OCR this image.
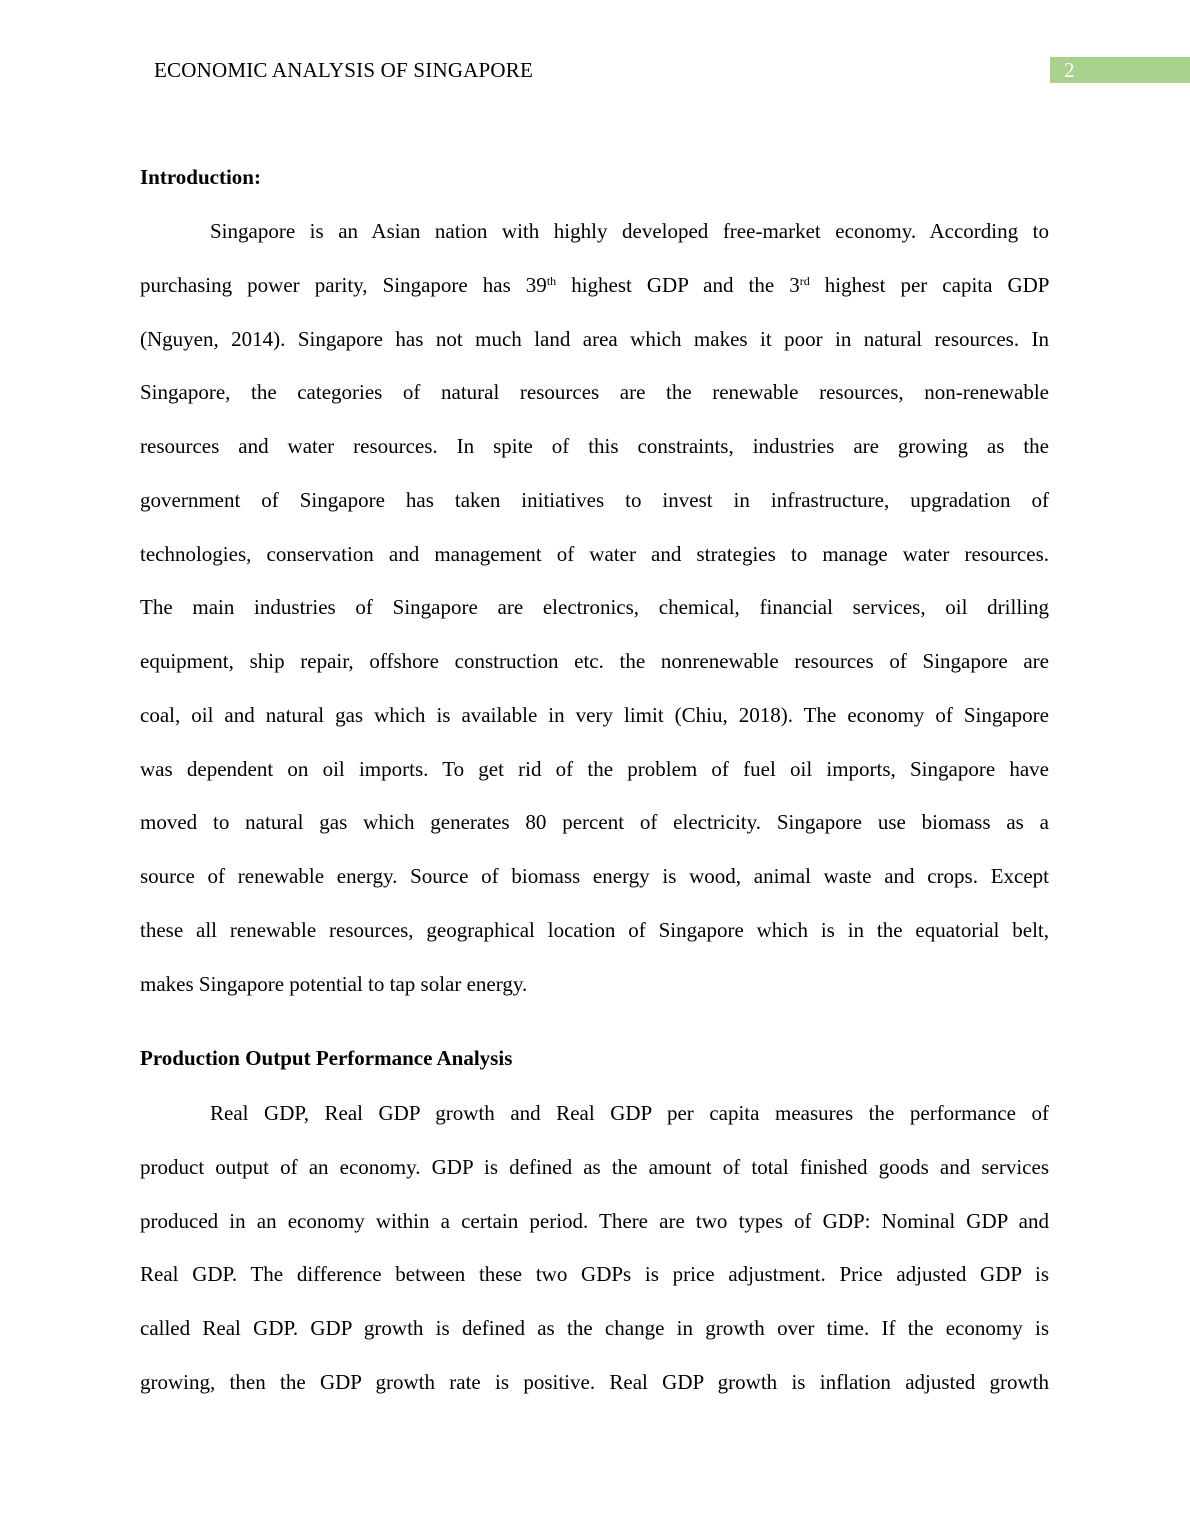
ECONOMIC ANALYSIS OF SINGAPORE	2
Introduction:
Production Output Performance Analysis
purchasing power parity, Singapore has 39th highest GDP and the 3rd highest per capita GDP
Singapore is an Asian nation with highly developed free-market economy. According to
(Nguyen, 2014). Singapore has not much land area which makes it poor in natural resources. In
Singapore, the categories of natural resources are the renewable resources, non-renewable
resources and water resources. In spite of this constraints, industries are growing as the
government of Singapore has taken initiatives to invest in infrastructure, upgradation of
technologies, conservation and management of water and strategies to manage water resources.
The main industries of Singapore are electronics, chemical, financial services, oil drilling
equipment, ship repair, offshore construction etc. the nonrenewable resources of Singapore are
coal, oil and natural gas which is available in very limit (Chiu, 2018). The economy of Singapore
was dependent on oil imports. To get rid of the problem of fuel oil imports, Singapore have
moved to natural gas which generates 80 percent of electricity. Singapore use biomass as a
source of renewable energy. Source of biomass energy is wood, animal waste and crops. Except
these all renewable resources, geographical location of Singapore which is in the equatorial belt,
makes Singapore potential to tap solar energy.
Real GDP, Real GDP growth and Real GDP per capita measures the performance of
product output of an economy. GDP is defined as the amount of total finished goods and services
produced in an economy within a certain period. There are two types of GDP: Nominal GDP and
Real GDP. The difference between these two GDPs is price adjustment. Price adjusted GDP is
called Real GDP. GDP growth is defined as the change in growth over time. If the economy is
growing, then the GDP growth rate is positive. Real GDP growth is inflation adjusted growth
